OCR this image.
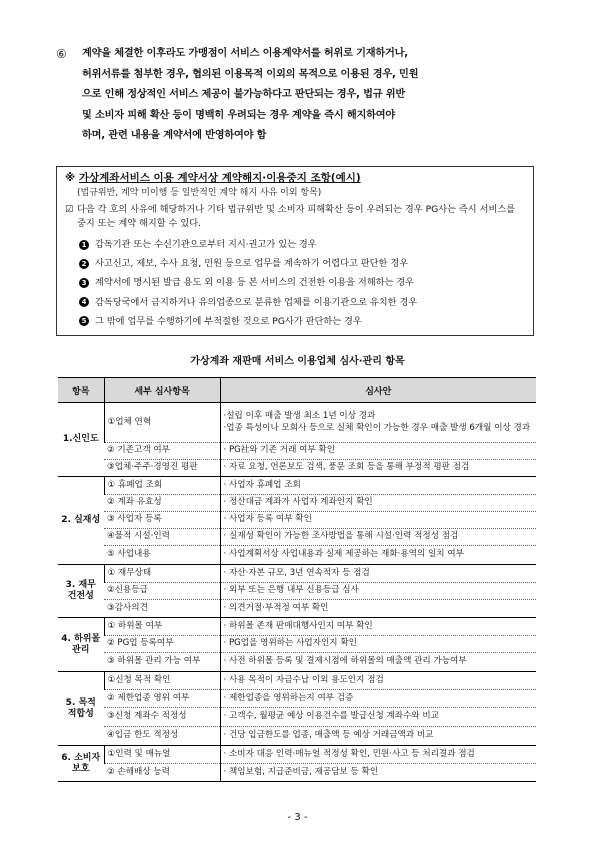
⑥ 계약을 체결한 이후라도 가맹점이 서비스 이용계약서를 허위로 기재하거나,
허위서류를 첨부한 경우, 협의된 이용목적 이외의 목적으로 이용된 경우, 민원
으로 인해 정상적인 서비스 제공이 불가능하다고 판단되는 경우, 법규 위반
및 소비자 피해 확산 등이 명백히 우려되는 경우 계약을 즉시 해지하여야
하며, 관련 내용을 계약서에 반영하여야 함
※ 가상계좌서비스 이용 계약서상 계약해지·이용중지 조항(예시)
(법규위반, 계약 미이행 등 일반적인 계약 해지 사유 이외 항목)
☑ 다음 각 호의 사유에 해당하거나 기타 법규위반 및 소비자 피해확산 등이 우려되는 경우 PG사는 즉시 서비스를 중지 또는 계약 해지할 수 있다.
1 감독기관 또는 수신기관으로부터 지시·권고가 있는 경우
2 사고신고, 제보, 수사 요청, 민원 등으로 업무를 계속하기 어렵다고 판단한 경우
3 계약서에 명시된 발급 용도 외 이용 등 본 서비스의 건전한 이용을 저해하는 경우
4 감독당국에서 금지하거나 유의업종으로 분류한 업체를 이용기관으로 유치한 경우
5 그 밖에 업무를 수행하기에 부적절한 것으로 PG사가 판단하는 경우
가상계좌 재판매 서비스 이용업체 심사·관리 항목
항목	세부 심사항목	심사안
1.신인도	①업체 연혁	·설립 이후 매출 발생 최소 1년 이상 경과
·업종 특성이나 모회사 등으로 실체 확인이 가능한 경우 매출 발생 6개월 이상 경과
	② 기존고객 여부	· PG社와 기존 거래 여부 확인
	③업체·주주·경영진 평판	· 자료 요청, 언론보도 검색, 풍문 조회 등을 통해 부정적 평판 점검
2. 실재성	① 휴폐업 조회	· 사업자 휴폐업 조회
	② 계좌 유효성	· 정산대금 계좌가 사업자 계좌인지 확인
	③ 사업자 등록	· 사업자 등록 여부 확인
	④물적 시설·인력	· 실재성 확인이 가능한 조사방법을 통해 시설·인력 적정성 점검
	⑤ 사업내용	· 사업계획서상 사업내용과 실제 제공하는 재화·용역의 일치 여부
3. 재무
건전성	① 재무상태	· 자산·자본 규모, 3년 연속적자 등 점검
	②신용등급	· 외부 또는 은행 내부 신용등급 심사
	③감사의견	· 의견거절·부적정 여부 확인
4. 하위몰
관리	① 하위몰 여부	· 하위몰 존재 판매대행사인지 여부 확인
	② PG업 등록여부	· PG업을 영위하는 사업자인지 확인
	③ 하위몰 관리 가능 여부	· 사전 하위몰 등록 및 결제시점에 하위몰의 매출액 관리 가능여부
5. 목적
적합성	①신청 목적 확인	· 사용 목적이 자금수납 이외 용도인지 점검
	② 제한업종 영위 여부	· 제한업종을 영위하는지 여부 검증
	③신청 계좌수 적정성	· 고객수, 월평균 예상 이용건수를 발급신청 계좌수와 비교
	④입금 한도 적정성	· 건당 입금한도를 업종, 매출액 등 예상 거래금액과 비교
6. 소비자
보호	①인력 및 매뉴얼	· 소비자 대응 인력·매뉴얼 적정성 확인, 민원·사고 등 처리결과 점검
	② 손해배상 능력	· 책임보험, 지급준비금, 제공담보 등 확인
- 3 -
